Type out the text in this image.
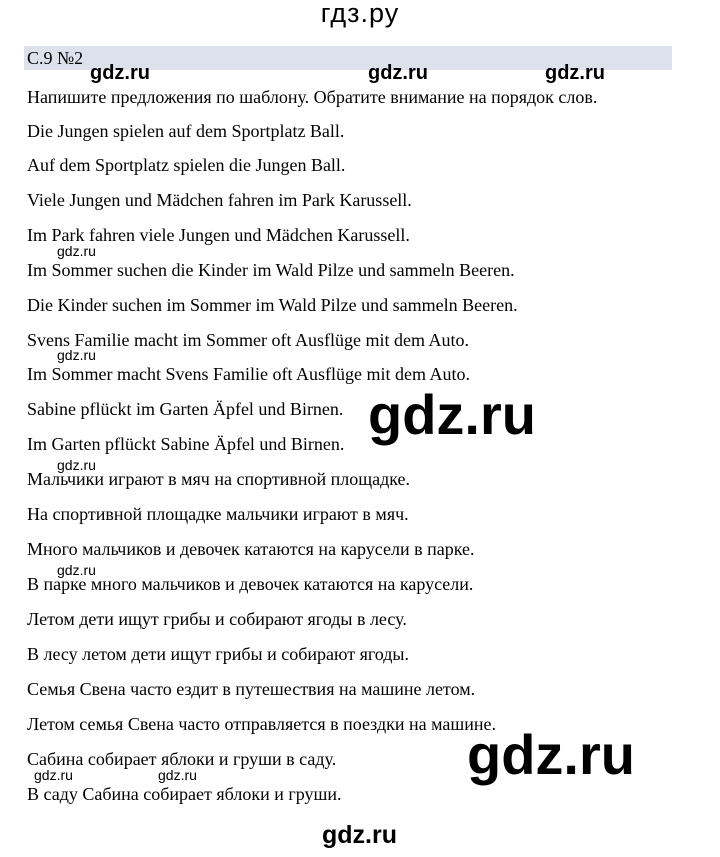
гдз.ру
С.9 №2
Напишите предложения по шаблону. Обратите внимание на порядок слов.
Die Jungen spielen auf dem Sportplatz Ball.
Auf dem Sportplatz spielen die Jungen Ball.
Viele Jungen und Mädchen fahren im Park Karussell.
Im Park fahren viele Jungen und Mädchen Karussell.
Im Sommer suchen die Kinder im Wald Pilze und sammeln Beeren.
Die Kinder suchen im Sommer im Wald Pilze und sammeln Beeren.
Svens Familie macht im Sommer oft Ausflüge mit dem Auto.
Im Sommer macht Svens Familie oft Ausflüge mit dem Auto.
Sabine pflückt im Garten Äpfel und Birnen.
Im Garten pflückt Sabine Äpfel und Birnen.
Мальчики играют в мяч на спортивной площадке.
На спортивной площадке мальчики играют в мяч.
Много мальчиков и девочек катаются на карусели в парке.
В парке много мальчиков и девочек катаются на карусели.
Летом дети ищут грибы и собирают ягоды в лесу.
В лесу летом дети ищут грибы и собирают ягоды.
Семья Свена часто ездит в путешествия на машине летом.
Летом семья Свена часто отправляется в поездки на машине.
Сабина собирает яблоки и груши в саду.
В саду Сабина собирает яблоки и груши.
gdz.ru	gdz.ru	gdz.ru
gdz.ru
gdz.ru
gdz.ru
gdz.ru
gdz.ru	gdz.ru
gdz.ru
gdz.ru
gdz.ru
